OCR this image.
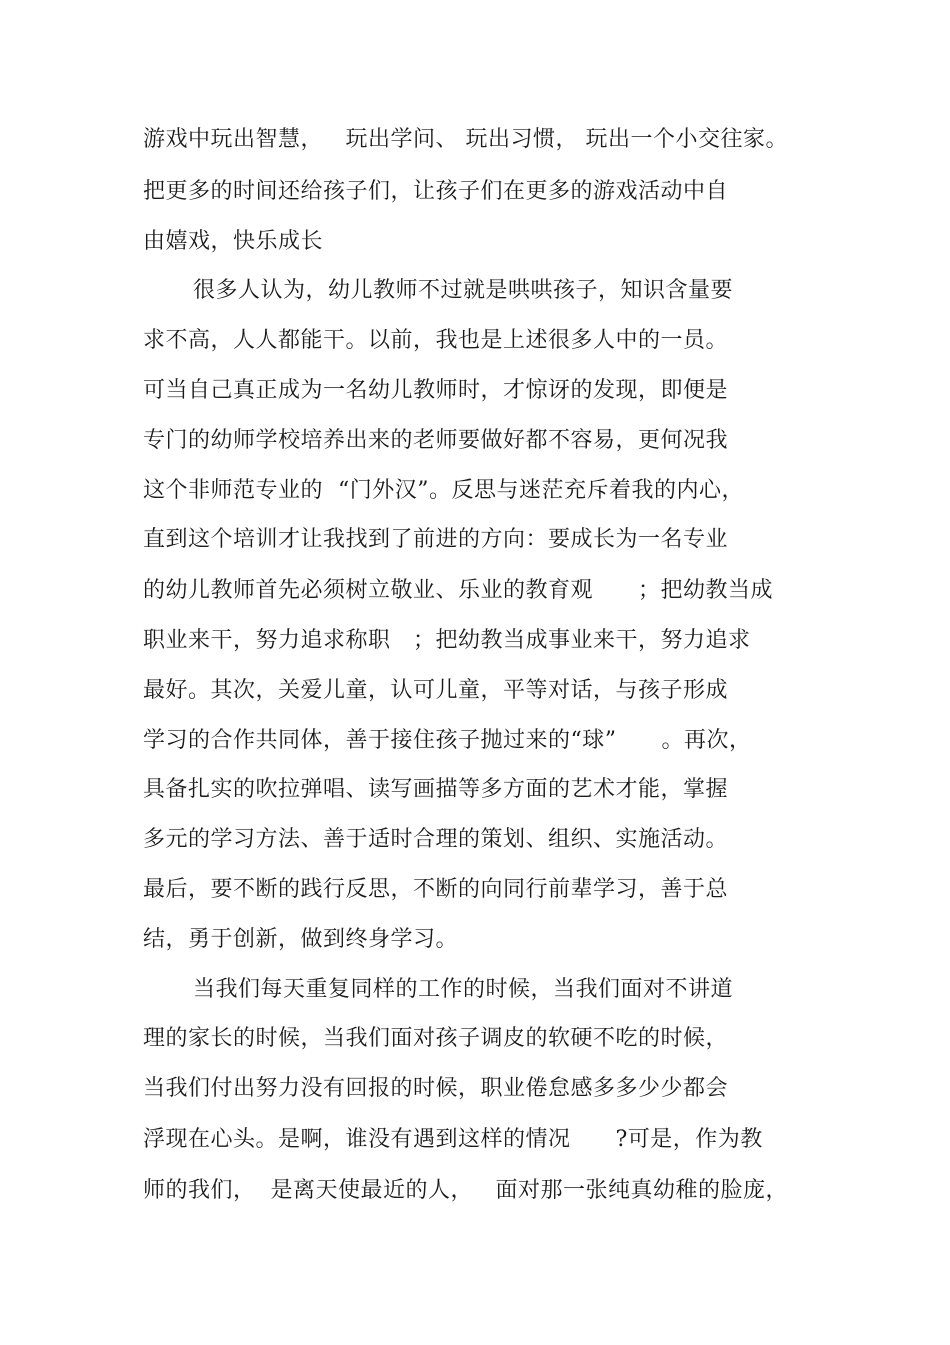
游戏中玩出智慧，   玩出学问、 玩出习惯， 玩出一个小交往家。
把更多的时间还给孩子们，让孩子们在更多的游戏活动中自
由嬉戏，快乐成长
很多人认为，幼儿教师不过就是哄哄孩子，知识含量要
求不高，人人都能干。以前，我也是上述很多人中的一员。
可当自己真正成为一名幼儿教师时，才惊讶的发现，即便是
专门的幼师学校培养出来的老师要做好都不容易，更何况我
这个非师范专业的  “门外汉”。反思与迷茫充斥着我的内心，
直到这个培训才让我找到了前进的方向：要成长为一名专业
的幼儿教师首先必须树立敬业、乐业的教育观      ；把幼教当成
职业来干，努力追求称职   ；把幼教当成事业来干，努力追求
最好。其次，关爱儿童，认可儿童，平等对话，与孩子形成
学习的合作共同体，善于接住孩子抛过来的“球”      。再次，
具备扎实的吹拉弹唱、读写画描等多方面的艺术才能，掌握
多元的学习方法、善于适时合理的策划、组织、实施活动。
最后，要不断的践行反思，不断的向同行前辈学习，善于总
结，勇于创新，做到终身学习。
当我们每天重复同样的工作的时候，当我们面对不讲道
理的家长的时候，当我们面对孩子调皮的软硬不吃的时候，
当我们付出努力没有回报的时候，职业倦怠感多多少少都会
浮现在心头。是啊，谁没有遇到这样的情况      ?可是，作为教
师的我们，  是离天使最近的人，   面对那一张纯真幼稚的脸庞，
